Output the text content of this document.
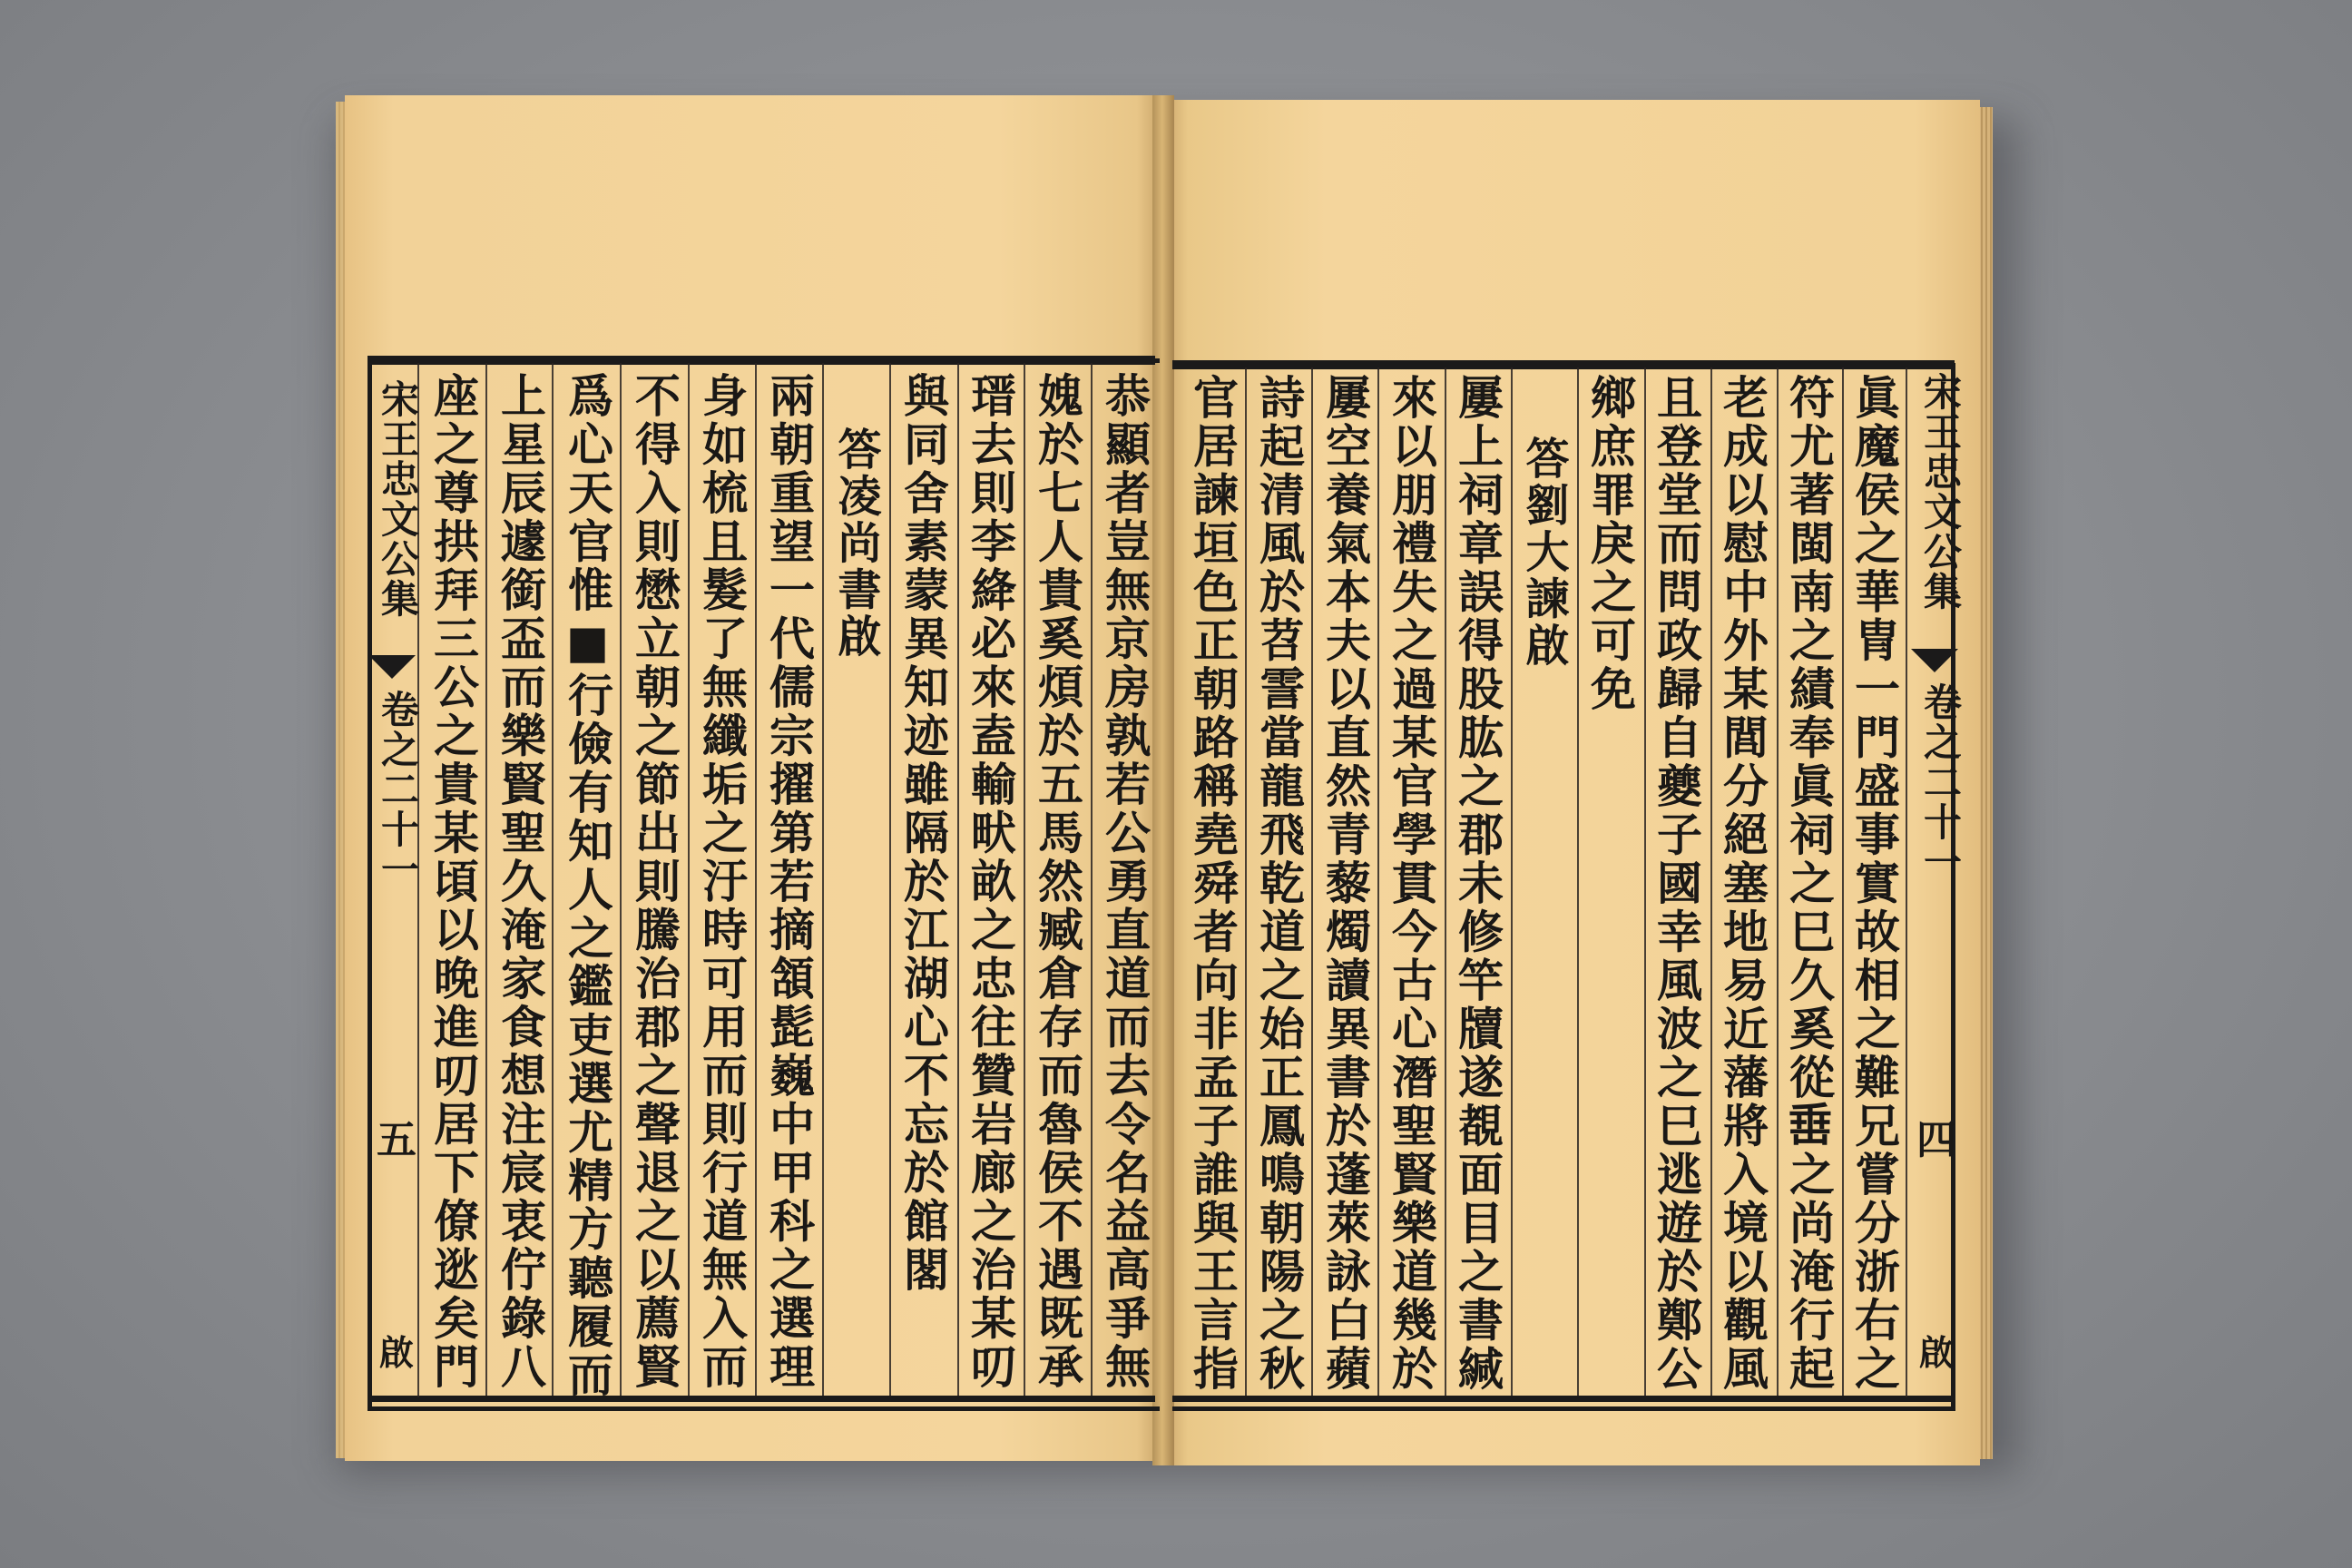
宋王忠文公集
卷之二十一
五
啟
宋王忠文公集
卷之二十一
四
啟
恭顯者豈無京房孰若公勇直道而去令名益高爭無
媿於七人貴奚煩於五馬然臧倉存而魯侯不遇既承
瑨去則李絳必來盍輸畎畝之忠往贊岩廊之治某叨
與同舍素蒙異知迹雖隔於江湖心不忘於館閣
答凌尚書啟
兩朝重望一代儒宗擢第若摘頷髭巍中甲科之選理
身如梳且髮了無纖垢之汙時可用而則行道無入而
不得入則懋立朝之節出則騰治郡之聲退之以薦賢
爲心天官惟■行儉有知人之鑑吏選尤精方聽履而
上星辰遽銜盃而樂賢聖久淹家食想注宸衷佇錄八
座之尊拱拜三公之貴某頃以晚進叨居下僚逖矣門	眞魔侯之華冑一門盛事實故相之難兄嘗分浙右之
符尤著閩南之績奉眞祠之巳久奚從𡸁之尚淹行起
老成以慰中外某閭分絕塞地易近藩將入境以觀風
且登堂而問政歸自夔子國幸風波之巳逃遊於鄭公
鄉庶罪戾之可免
答劉大諫啟
屢上祠章誤得股肱之郡未修竿牘遂覩面目之書緘
來以朋禮失之過某官學貫今古心潛聖賢樂道幾於
屢空養氣本夫以直然青藜燭讀異書於蓬萊詠白蘋
詩起清風於苕霅當龍飛乾道之始正鳳鳴朝陽之秋
官居諫垣色正朝路稱堯舜者向非孟子誰與王言指
